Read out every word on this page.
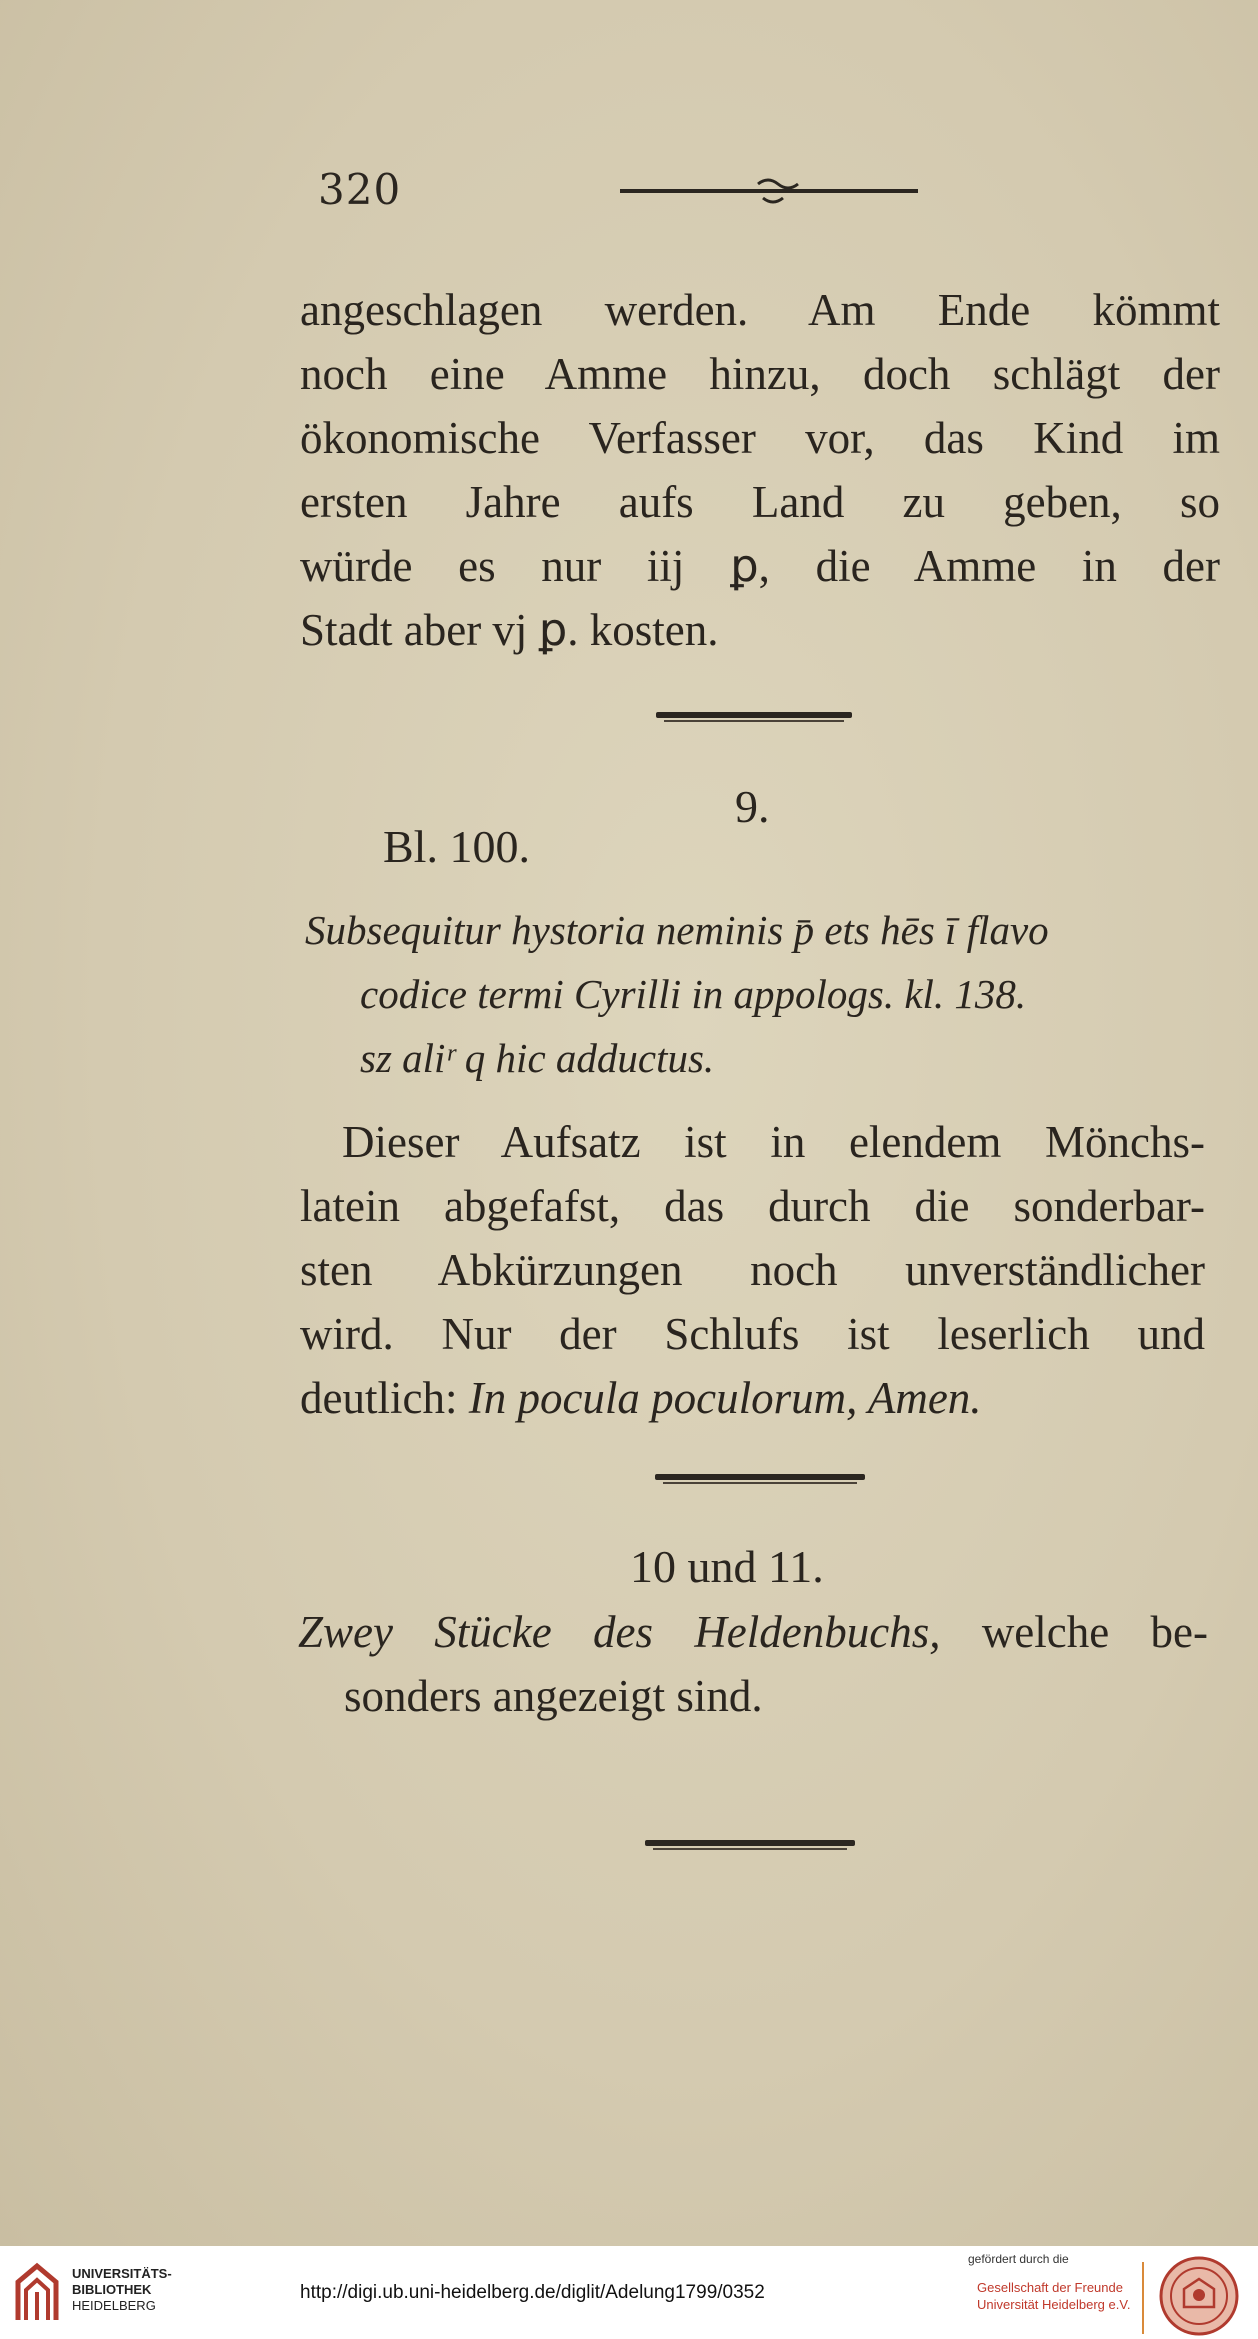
320
angeschlagen werden. Am Ende kömmt
noch eine Amme hinzu, doch schlägt der
ökonomische Verfasser vor, das Kind im
ersten Jahre aufs Land zu geben, so
würde es nur iij ꝑ, die Amme in der
Stadt aber vj ꝑ. kosten.
9.
Bl. 100.
Subsequitur hystoria neminis p̄ ets hēs ī flavo
codice termi Cyrilli in appologs. kl. 138.
sz aliʳ q hic adductus.
Dieser Aufsatz ist in elendem Mönchs-
latein abgefafst, das durch die sonderbar-
sten Abkürzungen noch unverständlicher
wird. Nur der Schlufs ist leserlich und
deutlich: In pocula poculorum, Amen.
10 und 11.
Zwey Stücke des Heldenbuchs, welche be-
sonders angezeigt sind.
UNIVERSITÄTS-
BIBLIOTHEK
HEIDELBERG
http://digi.ub.uni-heidelberg.de/diglit/Adelung1799/0352
gefördert durch die
Gesellschaft der Freunde
Universität Heidelberg e.V.
